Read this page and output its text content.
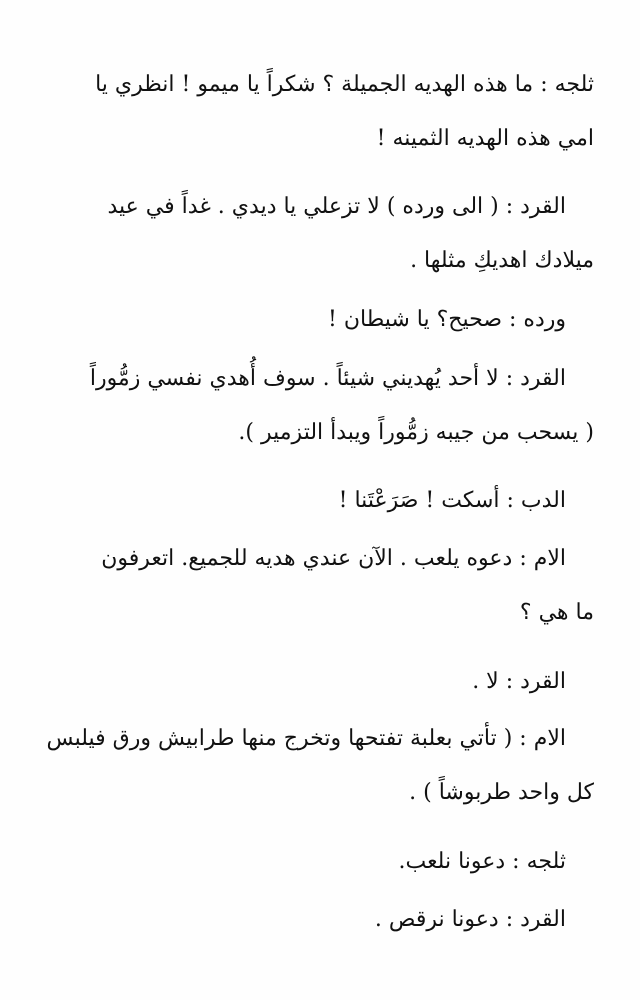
ثلجه : ما هذه الهديه الجميلة ؟ شكراً يا ميمو ! انظري يا
امي هذه الهديه الثمينه !
القرد : ( الى ورده ) لا تزعلي يا ديدي . غداً في عيد
ميلادك اهديكِ مثلها .
ورده : صحيح؟ يا شيطان !
القرد : لا أحد يُهديني شيئاً . سوف أُهدي نفسي زمُّوراً
( يسحب من جيبه زمُّوراً ويبدأ التزمير ).
الدب : أسكت ! صَرَعْتَنا !
الام : دعوه يلعب . الآن عندي هديه للجميع. اتعرفون
ما هي ؟
القرد : لا .
الام : ( تأتي بعلبة تفتحها وتخرج منها طرابيش ورق فيلبس
كل واحد طربوشاً ) .
ثلجه : دعونا نلعب.
القرد : دعونا نرقص .
